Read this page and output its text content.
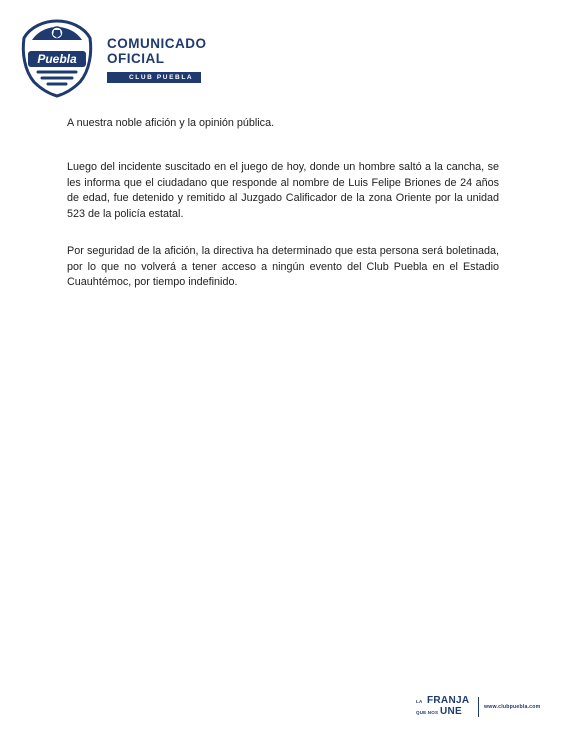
Puebla
COMUNICADO
OFICIAL
CLUB PUEBLA

A nuestra noble afición y la opinión pública.

Luego del incidente suscitado en el juego de hoy, donde un hombre saltó a la cancha, se les informa que el ciudadano que responde al nombre de Luis Felipe Briones de 24 años de edad, fue detenido y remitido al Juzgado Calificador de la zona Oriente por la unidad 523 de la policía estatal.

Por seguridad de la afición, la directiva ha determinado que esta persona será boletinada, por lo que no volverá a tener acceso a ningún evento del Club Puebla en el Estadio Cuauhtémoc, por tiempo indefinido.

LA FRANJA
QUE NOS UNE	www.clubpuebla.com
